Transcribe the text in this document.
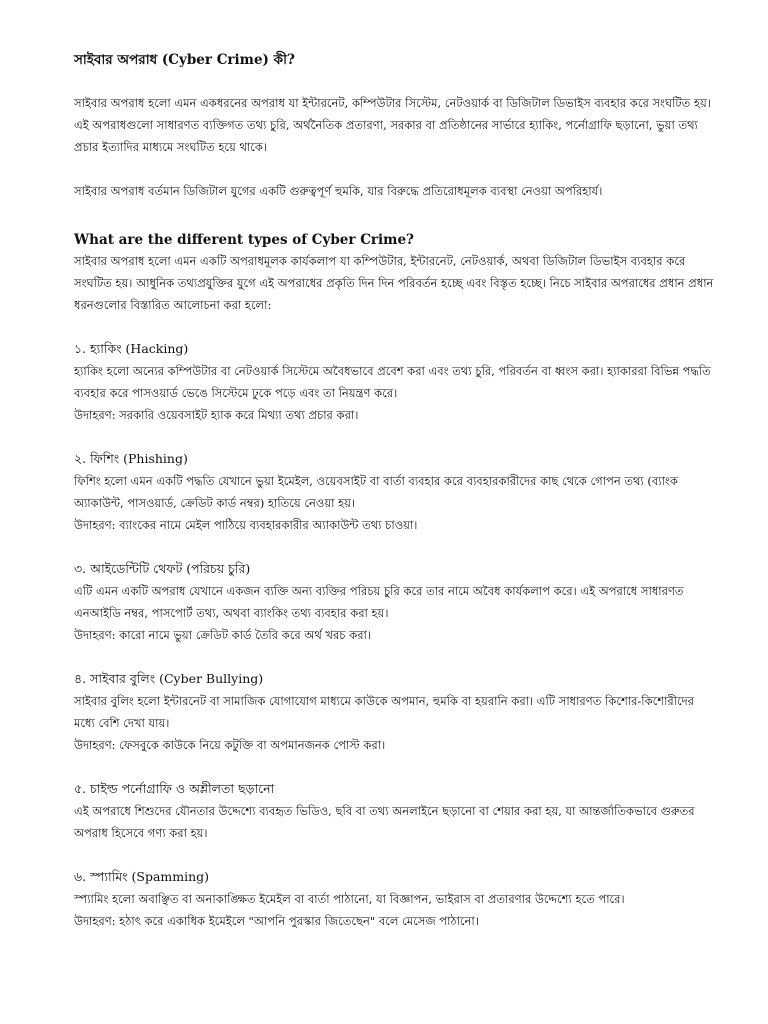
সাইবার অপরাধ (Cyber Crime) কী?

সাইবার অপরাধ হলো এমন একধরনের অপরাধ যা ইন্টারনেট, কম্পিউটার সিস্টেম, নেটওয়ার্ক বা ডিজিটাল ডিভাইস ব্যবহার করে সংঘটিত হয়। এই অপরাধগুলো সাধারণত ব্যক্তিগত তথ্য চুরি, অর্থনৈতিক প্রতারণা, সরকার বা প্রতিষ্ঠানের সার্ভারে হ্যাকিং, পর্নোগ্রাফি ছড়ানো, ভুয়া তথ্য প্রচার ইত্যাদির মাধ্যমে সংঘটিত হয়ে থাকে।

সাইবার অপরাধ বর্তমান ডিজিটাল যুগের একটি গুরুত্বপূর্ণ হুমকি, যার বিরুদ্ধে প্রতিরোধমূলক ব্যবস্থা নেওয়া অপরিহার্য।

What are the different types of Cyber Crime?

সাইবার অপরাধ হলো এমন একটি অপরাধমূলক কার্যকলাপ যা কম্পিউটার, ইন্টারনেট, নেটওয়ার্ক, অথবা ডিজিটাল ডিভাইস ব্যবহার করে সংঘটিত হয়। আধুনিক তথ্যপ্রযুক্তির যুগে এই অপরাধের প্রকৃতি দিন দিন পরিবর্তন হচ্ছে এবং বিস্তৃত হচ্ছে। নিচে সাইবার অপরাধের প্রধান প্রধান ধরনগুলোর বিস্তারিত আলোচনা করা হলো:

১. হ্যাকিং (Hacking)

হ্যাকিং হলো অন্যের কম্পিউটার বা নেটওয়ার্ক সিস্টেমে অবৈধভাবে প্রবেশ করা এবং তথ্য চুরি, পরিবর্তন বা ধ্বংস করা। হ্যাকাররা বিভিন্ন পদ্ধতি ব্যবহার করে পাসওয়ার্ড ভেঙে সিস্টেমে ঢুকে পড়ে এবং তা নিয়ন্ত্রণ করে।

উদাহরণ: সরকারি ওয়েবসাইট হ্যাক করে মিথ্যা তথ্য প্রচার করা।

২. ফিশিং (Phishing)

ফিশিং হলো এমন একটি পদ্ধতি যেখানে ভুয়া ইমেইল, ওয়েবসাইট বা বার্তা ব্যবহার করে ব্যবহারকারীদের কাছ থেকে গোপন তথ্য (ব্যাংক অ্যাকাউন্ট, পাসওয়ার্ড, ক্রেডিট কার্ড নম্বর) হাতিয়ে নেওয়া হয়।

উদাহরণ: ব্যাংকের নামে মেইল পাঠিয়ে ব্যবহারকারীর অ্যাকাউন্ট তথ্য চাওয়া।

৩. আইডেন্টিটি থেফট (পরিচয় চুরি)

এটি এমন একটি অপরাধ যেখানে একজন ব্যক্তি অন্য ব্যক্তির পরিচয় চুরি করে তার নামে অবৈধ কার্যকলাপ করে। এই অপরাধে সাধারণত এনআইডি নম্বর, পাসপোর্ট তথ্য, অথবা ব্যাংকিং তথ্য ব্যবহার করা হয়।

উদাহরণ: কারো নামে ভুয়া ক্রেডিট কার্ড তৈরি করে অর্থ খরচ করা।

৪. সাইবার বুলিং (Cyber Bullying)

সাইবার বুলিং হলো ইন্টারনেট বা সামাজিক যোগাযোগ মাধ্যমে কাউকে অপমান, হুমকি বা হয়রানি করা। এটি সাধারণত কিশোর-কিশোরীদের মধ্যে বেশি দেখা যায়।

উদাহরণ: ফেসবুকে কাউকে নিয়ে কটুক্তি বা অপমানজনক পোস্ট করা।

৫. চাইল্ড পর্নোগ্রাফি ও অশ্লীলতা ছড়ানো

এই অপরাধে শিশুদের যৌনতার উদ্দেশ্যে ব্যবহৃত ভিডিও, ছবি বা তথ্য অনলাইনে ছড়ানো বা শেয়ার করা হয়, যা আন্তর্জাতিকভাবে গুরুতর অপরাধ হিসেবে গণ্য করা হয়।

৬. স্প্যামিং (Spamming)

স্প্যামিং হলো অবাঞ্ছিত বা অনাকাঙ্ক্ষিত ইমেইল বা বার্তা পাঠানো, যা বিজ্ঞাপন, ভাইরাস বা প্রতারণার উদ্দেশ্যে হতে পারে।

উদাহরণ: হঠাৎ করে একাধিক ইমেইলে "আপনি পুরস্কার জিতেছেন" বলে মেসেজ পাঠানো।
